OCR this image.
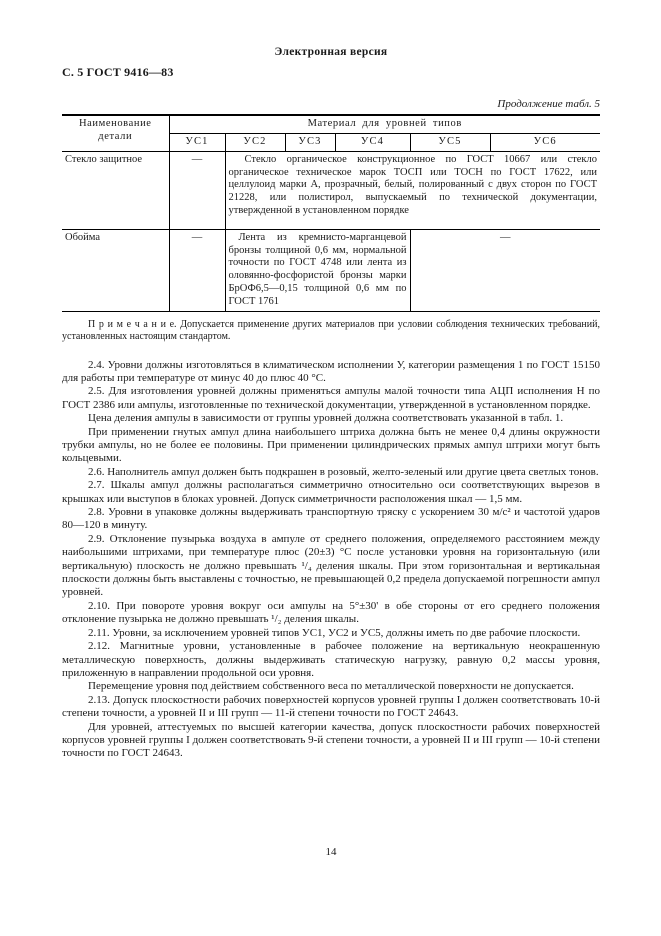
Электронная версия
С. 5 ГОСТ 9416—83
Продолжение табл. 5
Наименование детали	Материал для уровней типов					
	УС1	УС2	УС3	УС4	УС5	УС6
Стекло защитное	—	Стекло органическое конструкционное по ГОСТ 10667 или стекло органическое техническое марок ТОСП или ТОСН по ГОСТ 17622, или целлулоид марки А, прозрачный, белый, полированный с двух сторон по ГОСТ 21228, или полистирол, выпускаемый по технической документации, утвержденной в установленном порядке				
Обойма	—	Лента из кремнисто-марганцевой бронзы толщиной 0,6 мм, нормальной точности по ГОСТ 4748 или лента из оловянно-фосфористой бронзы марки БрОФ6,5—0,15 толщиной 0,6 мм по ГОСТ 1761			—	

П р и м е ч а н и е. Допускается применение других материалов при условии соблюдения технических требований, установленных настоящим стандартом.

2.4. Уровни должны изготовляться в климатическом исполнении У, категории размещения 1 по ГОСТ 15150 для работы при температуре от минус 40 до плюс 40 °С.

2.5. Для изготовления уровней должны применяться ампулы малой точности типа АЦП исполнения Н по ГОСТ 2386 или ампулы, изготовленные по технической документации, утвержденной в установленном порядке.

Цена деления ампулы в зависимости от группы уровней должна соответствовать указанной в табл. 1.

При применении гнутых ампул длина наибольшего штриха должна быть не менее 0,4 длины окружности трубки ампулы, но не более ее половины. При применении цилиндрических прямых ампул штрихи могут быть кольцевыми.

2.6. Наполнитель ампул должен быть подкрашен в розовый, желто-зеленый или другие цвета светлых тонов.

2.7. Шкалы ампул должны располагаться симметрично относительно оси соответствующих вырезов в крышках или выступов в блоках уровней. Допуск симметричности расположения шкал — 1,5 мм.

2.8. Уровни в упаковке должны выдерживать транспортную тряску с ускорением 30 м/с² и частотой ударов 80—120 в минуту.

2.9. Отклонение пузырька воздуха в ампуле от среднего положения, определяемого расстоянием между наибольшими штрихами, при температуре плюс (20±3) °С после установки уровня на горизонтальную (или вертикальную) плоскость не должно превышать ¹/₄ деления шкалы. При этом горизонтальная и вертикальная плоскости должны быть выставлены с точностью, не превышающей 0,2 предела допускаемой погрешности ампул уровней.

2.10. При повороте уровня вокруг оси ампулы на 5°±30' в обе стороны от его среднего положения отклонение пузырька не должно превышать ¹/₂ деления шкалы.

2.11. Уровни, за исключением уровней типов УС1, УС2 и УС5, должны иметь по две рабочие плоскости.

2.12. Магнитные уровни, установленные в рабочее положение на вертикальную неокрашенную металлическую поверхность, должны выдерживать статическую нагрузку, равную 0,2 массы уровня, приложенную в направлении продольной оси уровня.

Перемещение уровня под действием собственного веса по металлической поверхности не допускается.

2.13. Допуск плоскостности рабочих поверхностей корпусов уровней группы I должен соответствовать 10-й степени точности, а уровней II и III групп — 11-й степени точности по ГОСТ 24643.

Для уровней, аттестуемых по высшей категории качества, допуск плоскостности рабочих поверхностей корпусов уровней группы I должен соответствовать 9-й степени точности, а уровней II и III групп — 10-й степени точности по ГОСТ 24643.

14
